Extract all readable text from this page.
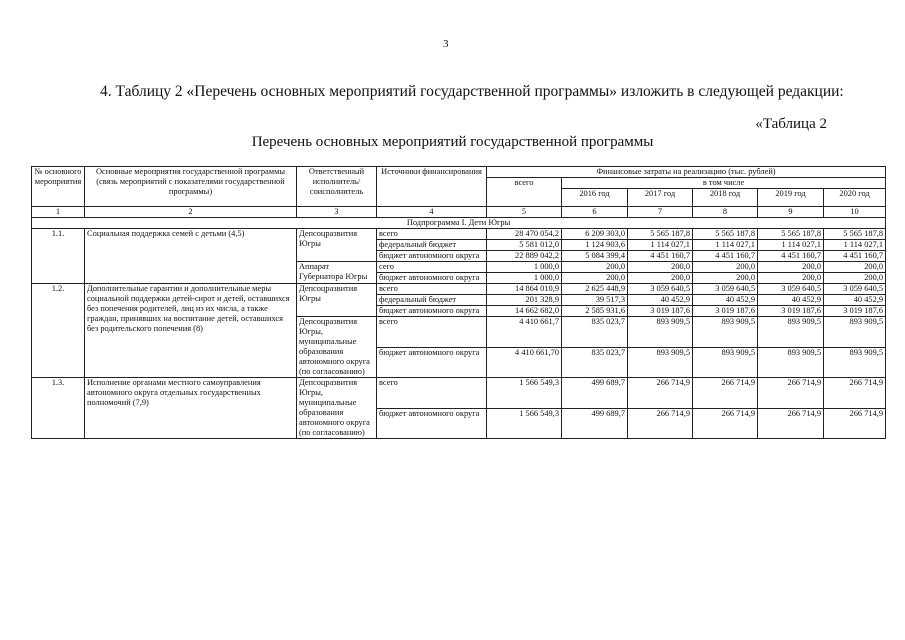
3
4. Таблицу 2 «Перечень основных мероприятий государственной программы» изложить в следующей редакции:
«Таблица 2
Перечень основных мероприятий государственной программы
№ основного мероприятия	Основные мероприятия государственной программы (связь мероприятий с показателями государственной программы)	Ответственный исполнитель/ соисполнитель	Источники финансирования	Финансовые затраты на реализацию (тыс. рублей)					
				всего	в том числе				
					2016 год	2017 год	2018 год	2019 год	2020 год
1	2	3	4	5	6	7	8	9	10
Подпрограмма I. Дети Югры									
1.1.	Социальная поддержка семей с детьми (4,5)	Депсоцразвития Югры	всего	28 470 054,2	6 209 303,0	5 565 187,8	5 565 187,8	5 565 187,8	5 565 187,8
			федеральный бюджет	5 581 012,0	1 124 903,6	1 114 027,1	1 114 027,1	1 114 027,1	1 114 027,1
			бюджет автономного округа	22 889 042,2	5 084 399,4	4 451 160,7	4 451 160,7	4 451 160,7	4 451 160,7
		Аппарат Губернатора Югры	сего	1 000,0	200,0	200,0	200,0	200,0	200,0
			бюджет автономного округа	1 000,0	200,0	200,0	200,0	200,0	200,0
1.2.	Дополнительные гарантии и дополнительные меры социальной поддержки детей-сирот и детей, оставшихся без попечения родителей, лиц из их числа, а также граждан, принявших на воспитание детей, оставшихся без родительского попечения (8)	Депсоцразвития Югры	всего	14 864 010,9	2 625 448,9	3 059 640,5	3 059 640,5	3 059 640,5	3 059 640,5
			федеральный бюджет	201 328,9	39 517,3	40 452,9	40 452,9	40 452,9	40 452,9
			бюджет автономного округа	14 662 682,0	2 585 931,6	3 019 187,6	3 019 187,6	3 019 187,6	3 019 187,6
		Депсоцразвития Югры, муниципальные образования автономного округа (по согласованию)	всего	4 410 661,7	835 023,7	893 909,5	893 909,5	893 909,5	893 909,5
			бюджет автономного округа	4 410 661,70	835 023,7	893 909,5	893 909,5	893 909,5	893 909,5
1.3.	Исполнение органами местного самоуправления автономного округа отдельных государственных полномочий (7,9)	Депсоцразвития Югры, муниципальные образования автономного округа (по согласованию)	всего	1 566 549,3	499 689,7	266 714,9	266 714,9	266 714,9	266 714,9
			бюджет автономного округа	1 566 549,3	499 689,7	266 714,9	266 714,9	266 714,9	266 714,9
